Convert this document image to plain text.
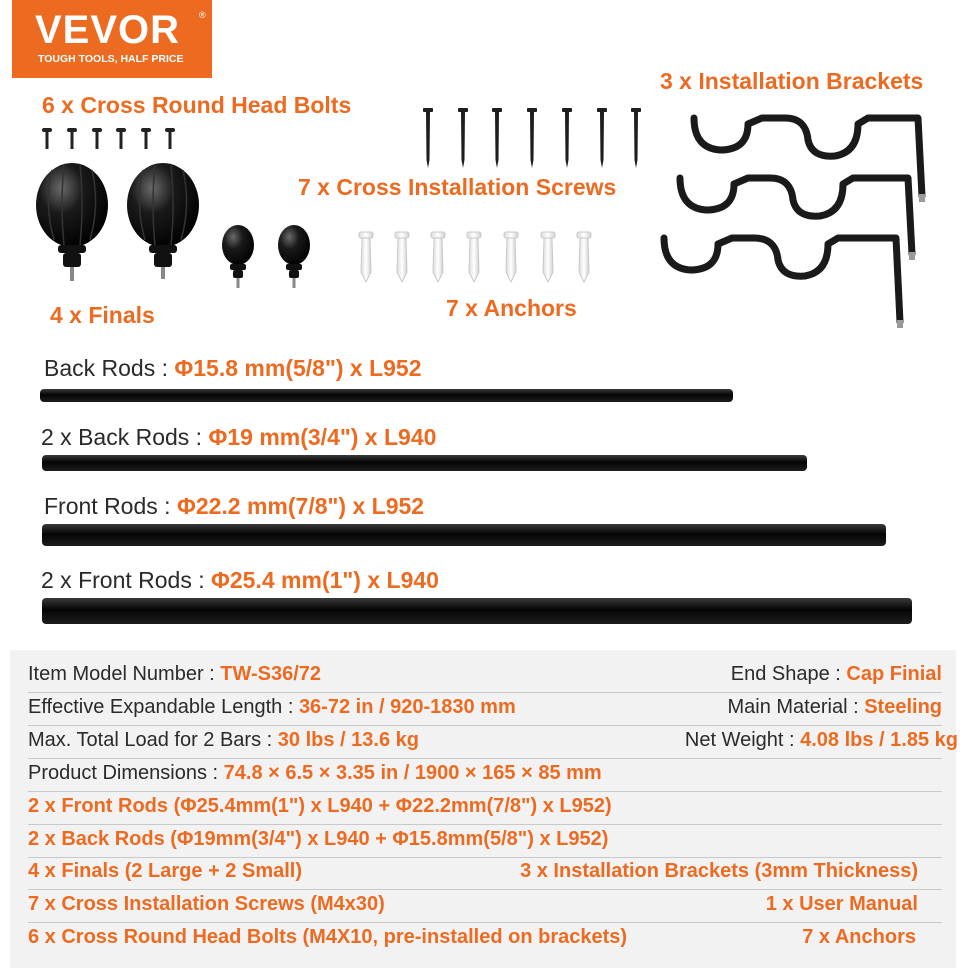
VEVOR ®
TOUGH TOOLS, HALF PRICE
6 x Cross Round Head Bolts
7 x Cross Installation Screws
3 x Installation Brackets
4 x Finals	7 x Anchors
Back Rods : Φ15.8 mm(5/8") x L952
2 x Back Rods : Φ19 mm(3/4") x L940
Front Rods : Φ22.2 mm(7/8") x L952
2 x Front Rods : Φ25.4 mm(1") x L940
Item Model Number : TW-S36/72	End Shape : Cap Finial
Effective Expandable Length : 36-72 in / 920-1830 mm	Main Material : Steeling
Max. Total Load for 2 Bars : 30 lbs / 13.6 kg	Net Weight : 4.08 lbs / 1.85 kg
Product Dimensions : 74.8 × 6.5 × 3.35 in / 1900 × 165 × 85 mm
2 x Front Rods (Φ25.4mm(1") x L940 + Φ22.2mm(7/8") x L952)
2 x Back Rods (Φ19mm(3/4") x L940 + Φ15.8mm(5/8") x L952)
4 x Finals (2 Large + 2 Small)	3 x Installation Brackets (3mm Thickness)
7 x Cross Installation Screws (M4x30)	1 x User Manual
6 x Cross Round Head Bolts (M4X10, pre-installed on brackets)	7 x Anchors
